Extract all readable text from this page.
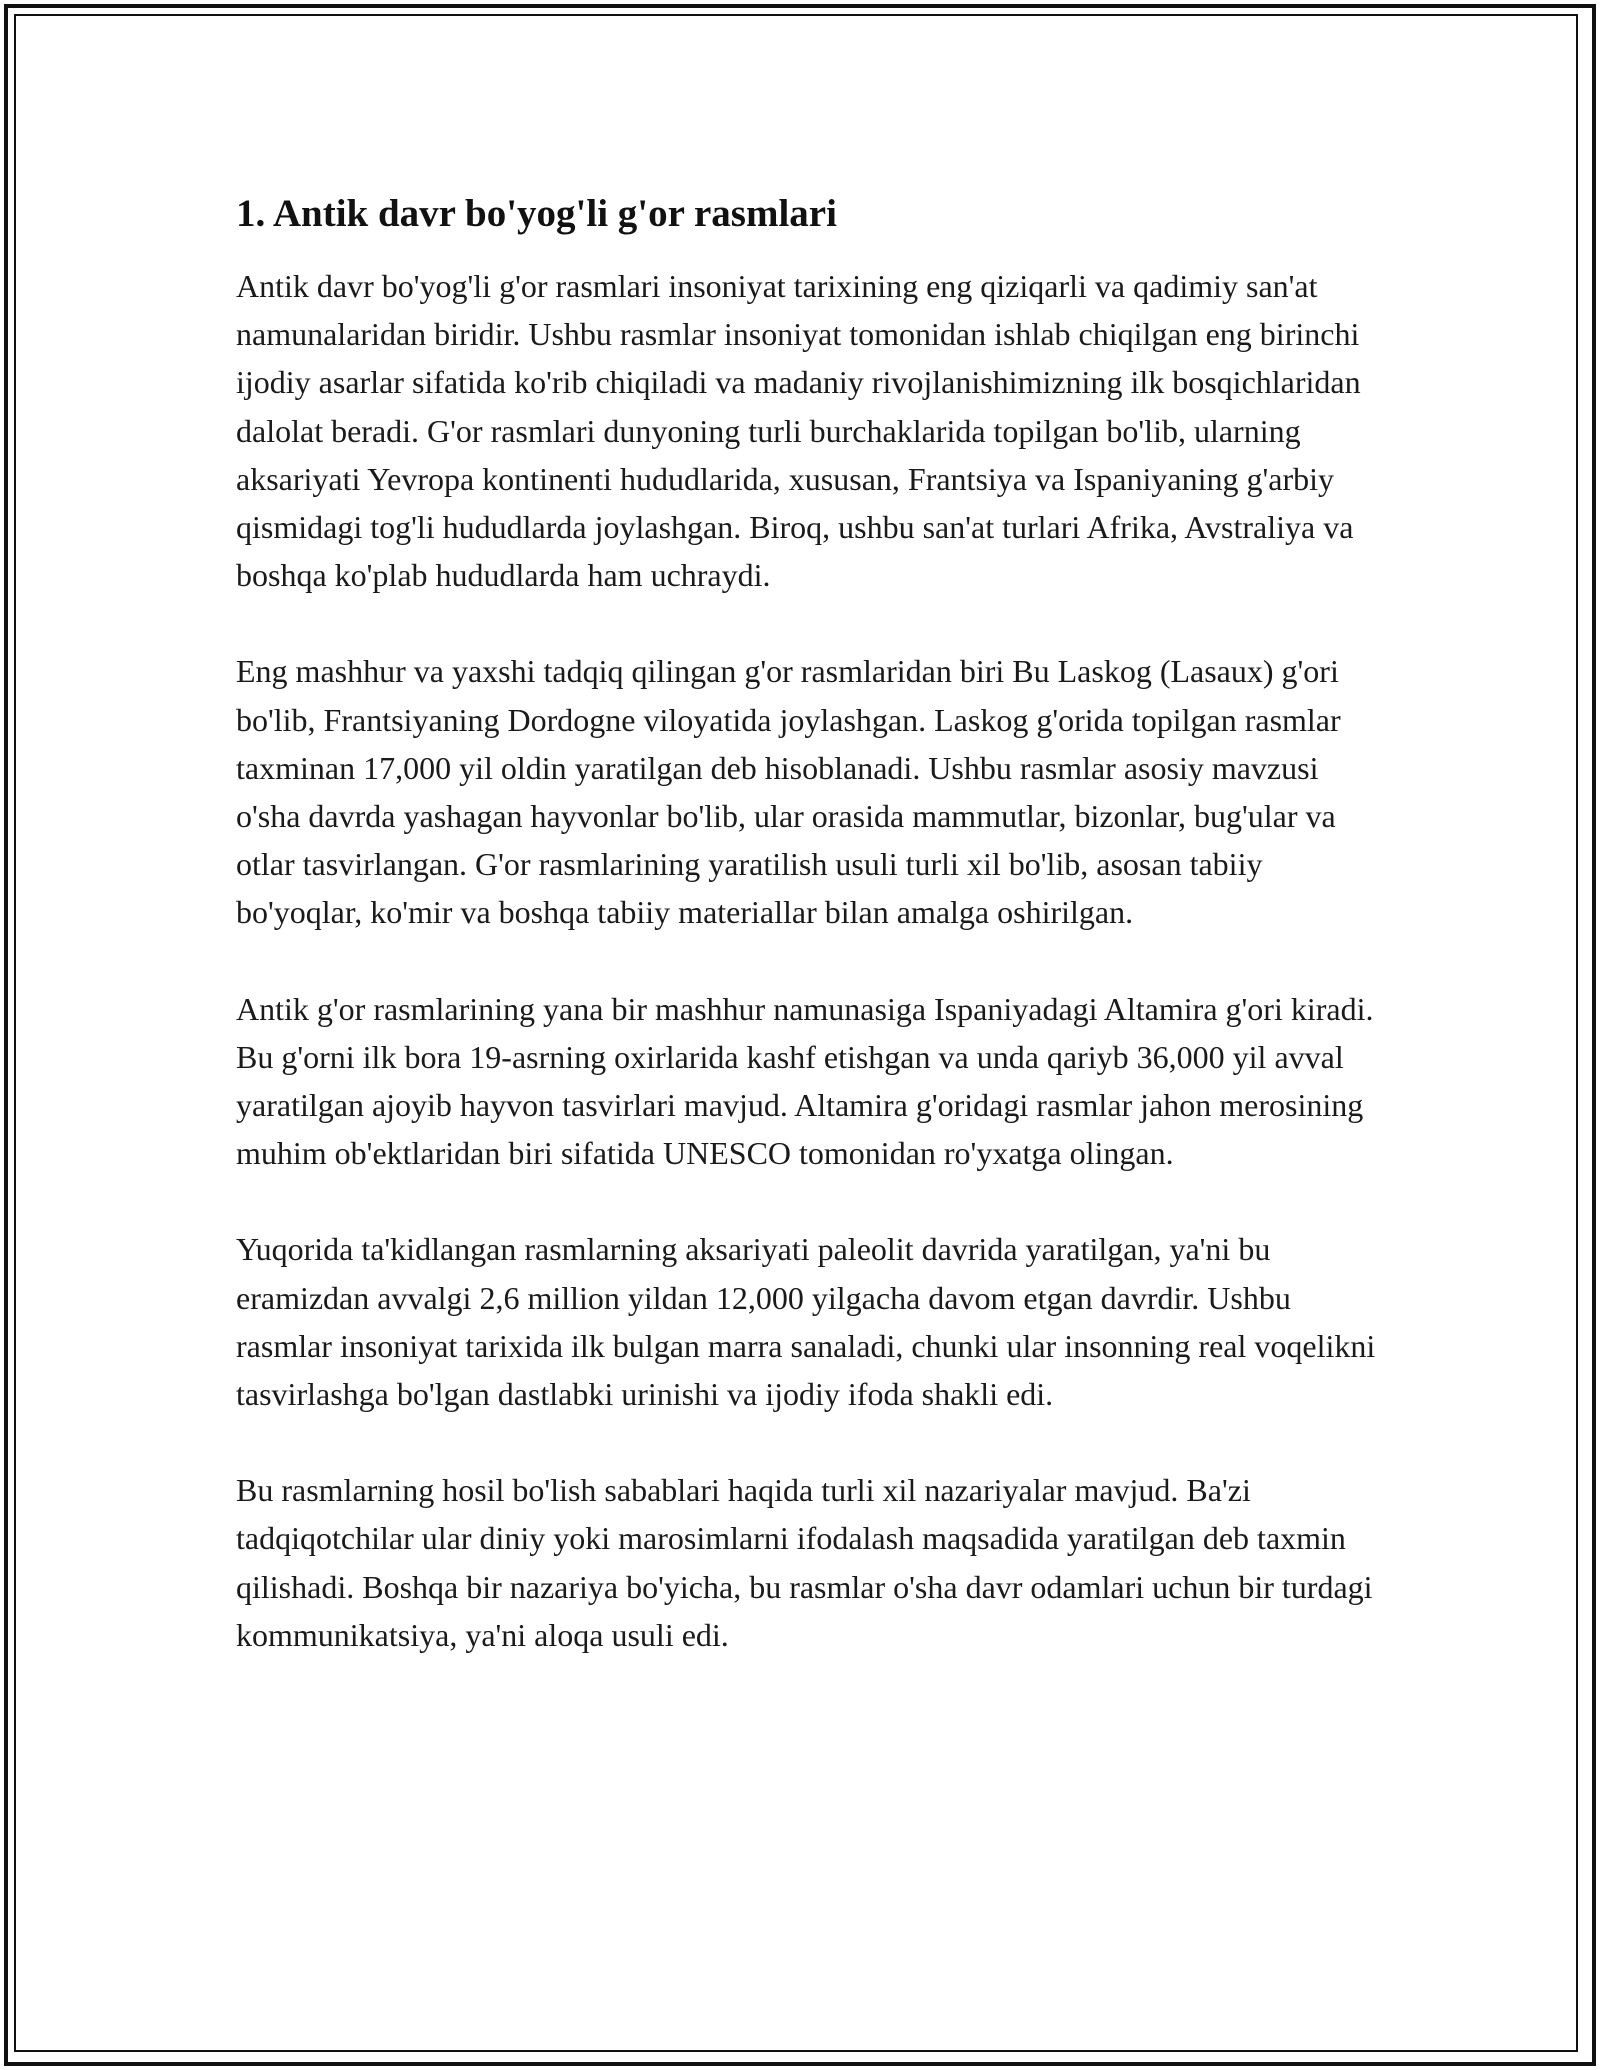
1. Antik davr bo'yog'li g'or rasmlari

Antik davr bo'yog'li g'or rasmlari insoniyat tarixining eng qiziqarli va qadimiy san'at namunalaridan biridir. Ushbu rasmlar insoniyat tomonidan ishlab chiqilgan eng birinchi ijodiy asarlar sifatida ko'rib chiqiladi va madaniy rivojlanishimizning ilk bosqichlaridan dalolat beradi. G'or rasmlari dunyoning turli burchaklarida topilgan bo'lib, ularning aksariyati Yevropa kontinenti hududlarida, xususan, Frantsiya va Ispaniyaning g'arbiy qismidagi tog'li hududlarda joylashgan. Biroq, ushbu san'at turlari Afrika, Avstraliya va boshqa ko'plab hududlarda ham uchraydi.

Eng mashhur va yaxshi tadqiq qilingan g'or rasmlaridan biri Bu Laskog (Lasaux) g'ori bo'lib, Frantsiyaning Dordogne viloyatida joylashgan. Laskog g'orida topilgan rasmlar taxminan 17,000 yil oldin yaratilgan deb hisoblanadi. Ushbu rasmlar asosiy mavzusi o'sha davrda yashagan hayvonlar bo'lib, ular orasida mammutlar, bizonlar, bug'ular va otlar tasvirlangan. G'or rasmlarining yaratilish usuli turli xil bo'lib, asosan tabiiy bo'yoqlar, ko'mir va boshqa tabiiy materiallar bilan amalga oshirilgan.

Antik g'or rasmlarining yana bir mashhur namunasiga Ispaniyadagi Altamira g'ori kiradi. Bu g'orni ilk bora 19-asrning oxirlarida kashf etishgan va unda qariyb 36,000 yil avval yaratilgan ajoyib hayvon tasvirlari mavjud. Altamira g'oridagi rasmlar jahon merosining muhim ob'ektlaridan biri sifatida UNESCO tomonidan ro'yxatga olingan.

Yuqorida ta'kidlangan rasmlarning aksariyati paleolit davrida yaratilgan, ya'ni bu eramizdan avvalgi 2,6 million yildan 12,000 yilgacha davom etgan davrdir. Ushbu rasmlar insoniyat tarixida ilk bulgan marra sanaladi, chunki ular insonning real voqelikni tasvirlashga bo'lgan dastlabki urinishi va ijodiy ifoda shakli edi.

Bu rasmlarning hosil bo'lish sabablari haqida turli xil nazariyalar mavjud. Ba'zi tadqiqotchilar ular diniy yoki marosimlarni ifodalash maqsadida yaratilgan deb taxmin qilishadi. Boshqa bir nazariya bo'yicha, bu rasmlar o'sha davr odamlari uchun bir turdagi kommunikatsiya, ya'ni aloqa usuli edi.
